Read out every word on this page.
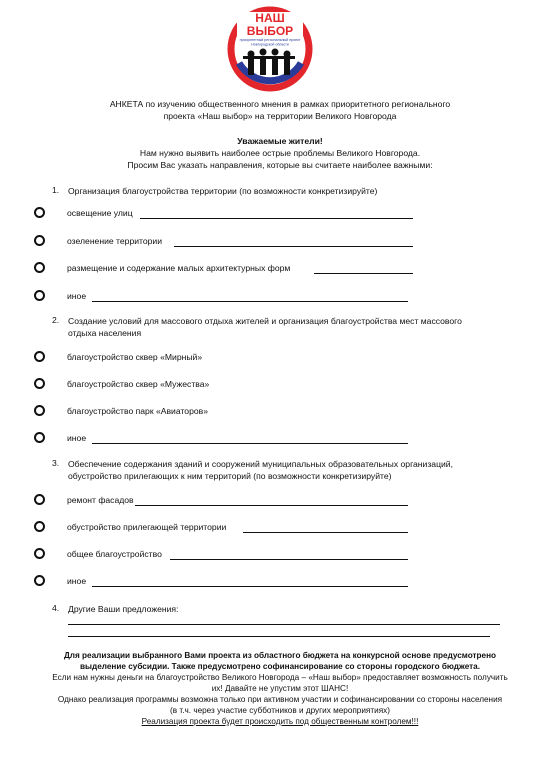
НАШ
ВЫБОР
приоритетный региональный проект
Новгородской области
АНКЕТА по изучению общественного мнения в рамках приоритетного регионального
проекта «Наш выбор» на территории Великого Новгорода
Уважаемые жители!
Нам нужно выявить наиболее острые проблемы Великого Новгорода.
Просим Вас указать направления, которые вы считаете наиболее важными:
1. Организация благоустройства территории (по возможности конкретизируйте)
освещение улиц
озеленение территории
размещение и содержание малых архитектурных форм
иное
2. Создание условий для массового отдыха жителей и организация благоустройства мест массового
отдыха населения
благоустройство сквер «Мирный»
благоустройство сквер «Мужества»
благоустройство парк «Авиаторов»
иное
3. Обеспечение содержания зданий и сооружений муниципальных образовательных организаций,
обустройство прилегающих к ним территорий (по возможности конкретизируйте)
ремонт фасадов
обустройство прилегающей территории
общее благоустройство
иное
4. Другие Ваши предложения:
Для реализации выбранного Вами проекта из областного бюджета на конкурсной основе предусмотрено
выделение субсидии. Также предусмотрено софинансирование со стороны городского бюджета.
Если нам нужны деньги на благоустройство Великого Новгорода – «Наш выбор» предоставляет возможность получить
их! Давайте не упустим этот ШАНС!
Однако реализация программы возможна только при активном участии и софинансировании со стороны населения
(в т.ч. через участие субботников и других мероприятиях)
Реализация проекта будет происходить под общественным контролем!!!
